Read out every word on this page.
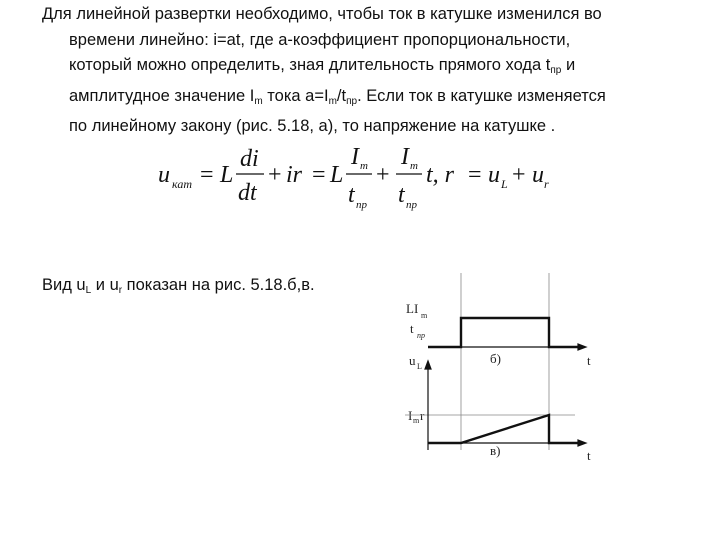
Для линейной развертки необходимо, чтобы ток в катушке изменился во
времени линейно: i=at, где а-коэффициент пропорциональности,
который можно определить, зная длительность прямого хода $t_{пр}$ и
амплитудное значение $I_m$ тока $a=I_m/t_{пр}$. Если ток в катушке изменяется
по линейному закону (рис. 5.18, а), то напряжение на катушке .
u кат = L
di
dt
+ ir = L
I m
t пр
+
I m
t пр
t, r = u L + u r
Вид $u_L$ и $u_r$ показан на рис. 5.18.б,в.
LI m
t пр
u L
б)	t
I m r
в)	t
